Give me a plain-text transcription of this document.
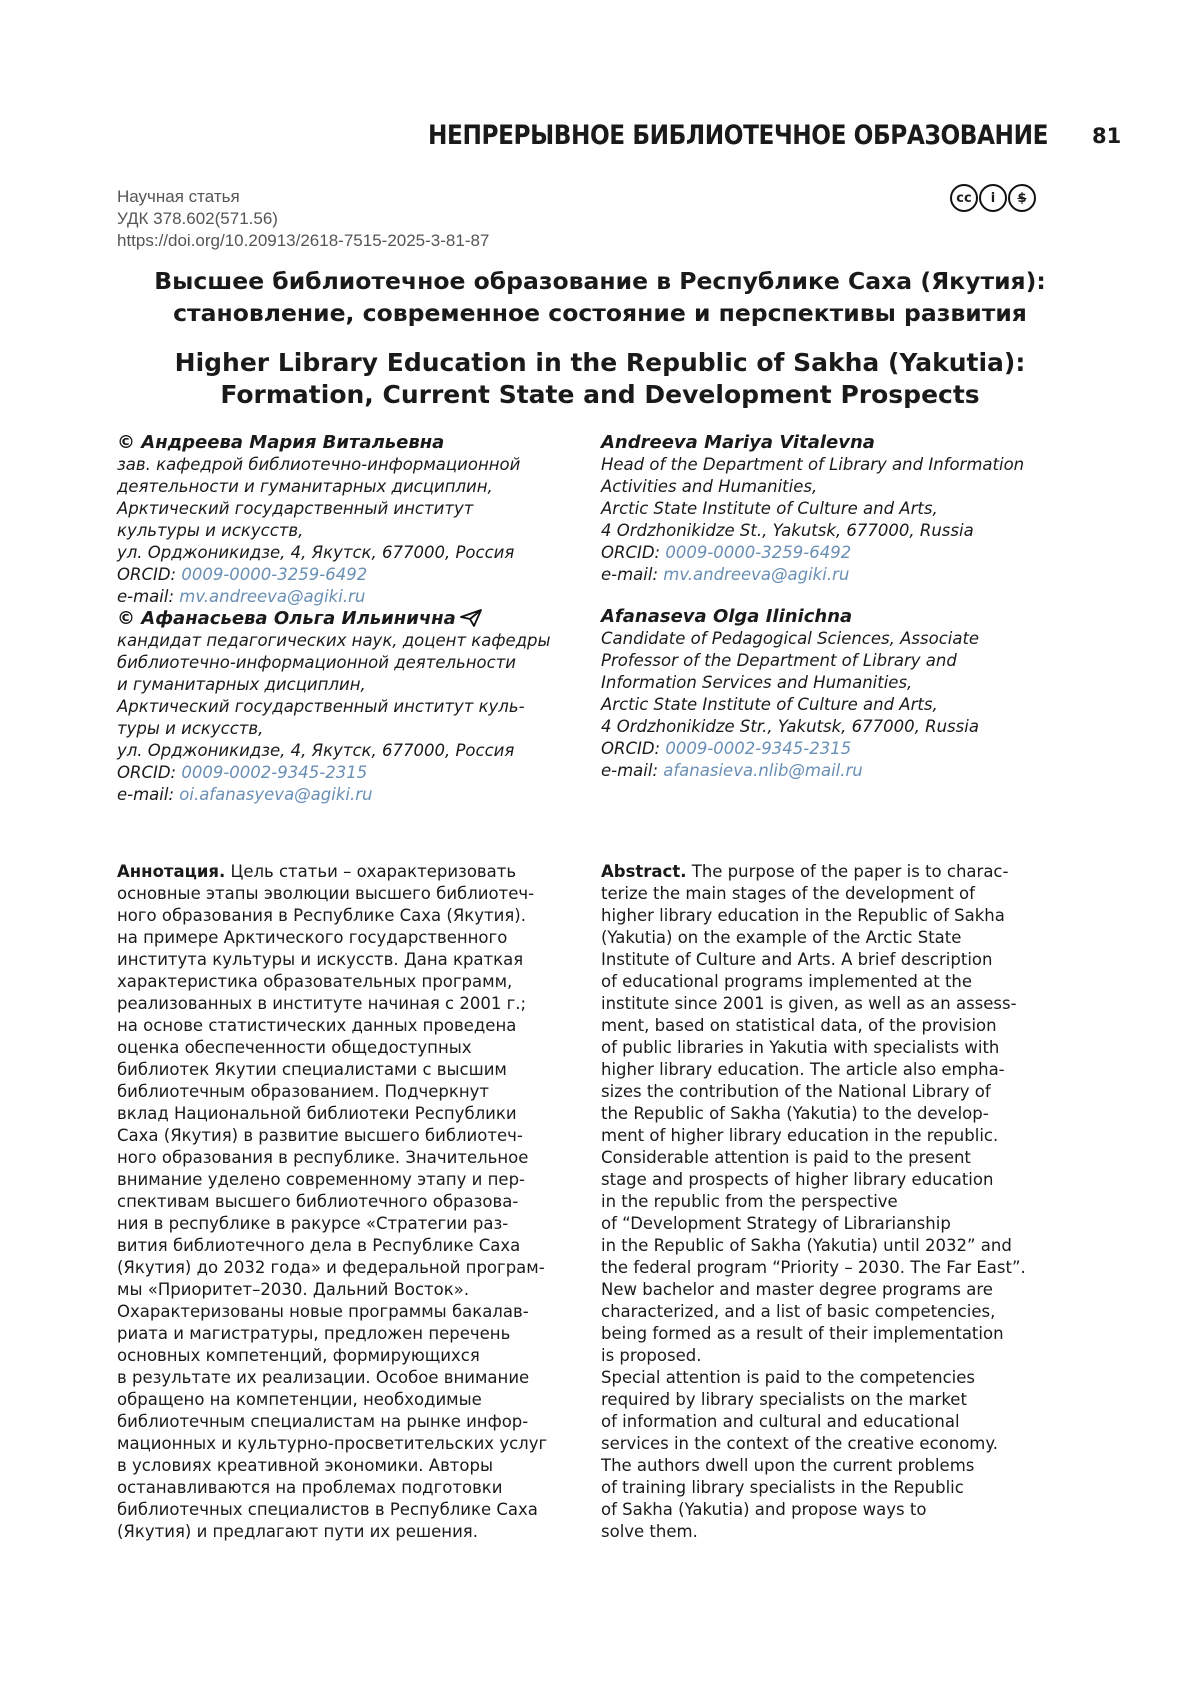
НЕПРЕРЫВНОЕ БИБЛИОТЕЧНОЕ ОБРАЗОВАНИЕ 81
Научная статья
УДК 378.602(571.56)
https://doi.org/10.20913/2618-7515-2025-3-81-87
cc	i	$
Высшее библиотечное образование в Республике Саха (Якутия):
становление, современное состояние и перспективы развития
Higher Library Education in the Republic of Sakha (Yakutia):
Formation, Current State and Development Prospects
© Андреева Мария Витальевна
зав. кафедрой библиотечно-информационной
деятельности и гуманитарных дисциплин,
Арктический государственный институт
культуры и искусств,
ул. Орджоникидзе, 4, Якутск, 677000, Россия
ORCID: 0009-0000-3259-6492
e-mail: mv.andreeva@agiki.ru
© Афанасьева Ольга Ильинична
кандидат педагогических наук, доцент кафедры
библиотечно-информационной деятельности
и гуманитарных дисциплин,
Арктический государственный институт куль-
туры и искусств,
ул. Орджоникидзе, 4, Якутск, 677000, Россия
ORCID: 0009-0002-9345-2315
e-mail: oi.afanasyeva@agiki.ru
Andreeva Mariya Vitalevna
Head of the Department of Library and Information
Activities and Humanities,
Arctic State Institute of Culture and Arts,
4 Ordzhonikidze St., Yakutsk, 677000, Russia
ORCID: 0009-0000-3259-6492
e-mail: mv.andreeva@agiki.ru
Afanaseva Olga Ilinichna
Candidate of Pedagogical Sciences, Associate
Professor of the Department of Library and
Information Services and Humanities,
Arctic State Institute of Culture and Arts,
4 Ordzhonikidze Str., Yakutsk, 677000, Russia
ORCID: 0009-0002-9345-2315
e-mail: afanasieva.nlib@mail.ru
Аннотация. Цель статьи – охарактеризовать
основные этапы эволюции высшего библиотеч-
ного образования в Республике Саха (Якутия).
на примере Арктического государственного
института культуры и искусств. Дана краткая
характеристика образовательных программ,
реализованных в институте начиная с 2001 г.;
на основе статистических данных проведена
оценка обеспеченности общедоступных
библиотек Якутии специалистами с высшим
библиотечным образованием. Подчеркнут
вклад Национальной библиотеки Республики
Саха (Якутия) в развитие высшего библиотеч-
ного образования в республике. Значительное
внимание уделено современному этапу и пер-
спективам высшего библиотечного образова-
ния в республике в ракурсе «Стратегии раз-
вития библиотечного дела в Республике Саха
(Якутия) до 2032 года» и федеральной програм-
мы «Приоритет–2030. Дальний Восток».
Охарактеризованы новые программы бакалав-
риата и магистратуры, предложен перечень
основных компетенций, формирующихся
в результате их реализации. Особое внимание
обращено на компетенции, необходимые
библиотечным специалистам на рынке инфор-
мационных и культурно-просветительских услуг
в условиях креативной экономики. Авторы
останавливаются на проблемах подготовки
библиотечных специалистов в Республике Саха
(Якутия) и предлагают пути их решения.
Abstract. The purpose of the paper is to charac-
terize the main stages of the development of
higher library education in the Republic of Sakha
(Yakutia) on the example of the Arctic State
Institute of Culture and Arts. A brief description
of educational programs implemented at the
institute since 2001 is given, as well as an assess-
ment, based on statistical data, of the provision
of public libraries in Yakutia with specialists with
higher library education. The article also empha-
sizes the contribution of the National Library of
the Republic of Sakha (Yakutia) to the develop-
ment of higher library education in the republic.
Considerable attention is paid to the present
stage and prospects of higher library education
in the republic from the perspective
of “Development Strategy of Librarianship
in the Republic of Sakha (Yakutia) until 2032” and
the federal program “Priority – 2030. The Far East”.
New bachelor and master degree programs are
characterized, and a list of basic competencies,
being formed as a result of their implementation
is proposed.
Special attention is paid to the competencies
required by library specialists on the market
of information and cultural and educational
services in the context of the creative economy.
The authors dwell upon the current problems
of training library specialists in the Republic
of Sakha (Yakutia) and propose ways to
solve them.
